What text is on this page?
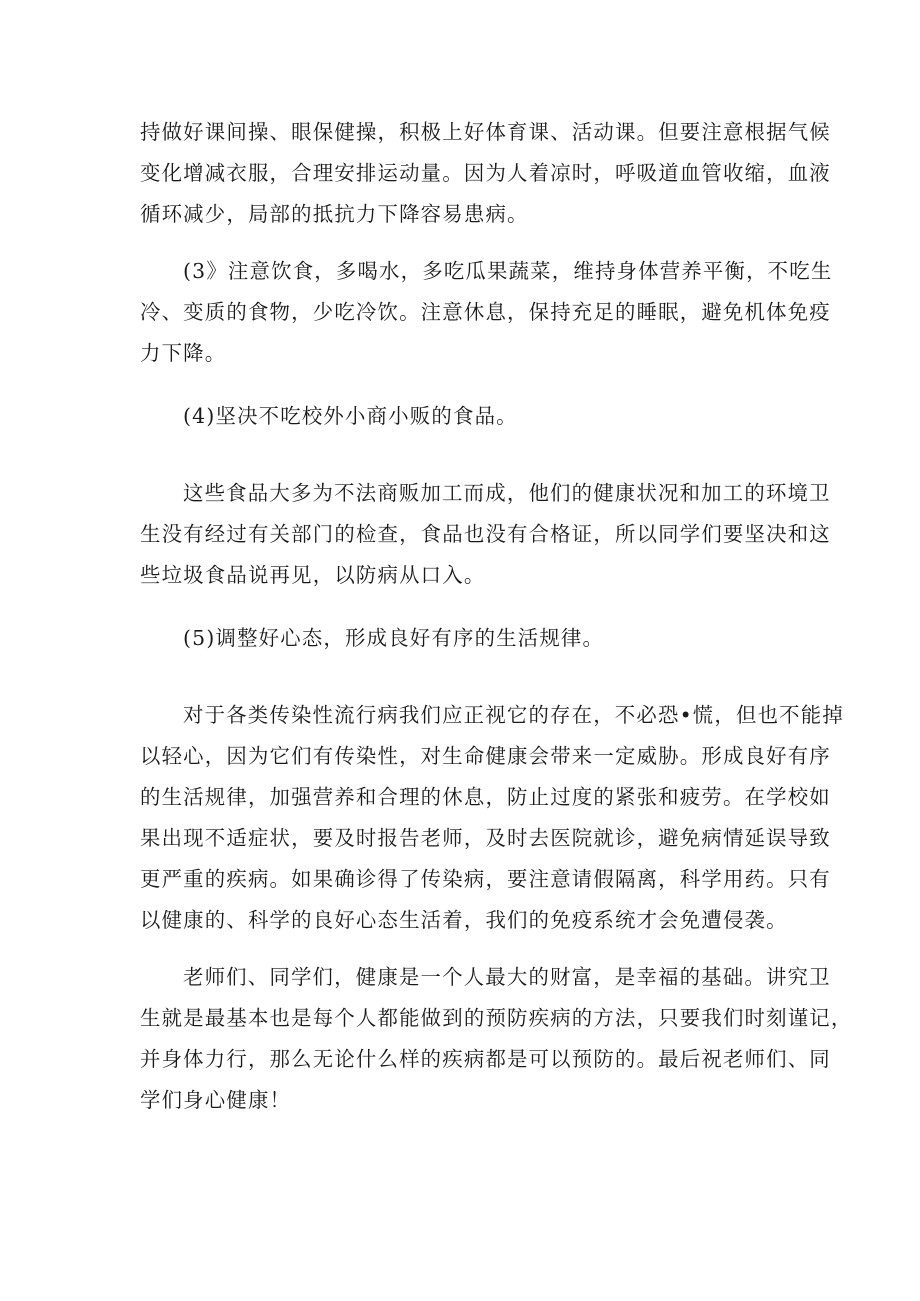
持做好课间操、眼保健操，积极上好体育课、活动课。但要注意根据气候
变化增减衣服，合理安排运动量。因为人着凉时，呼吸道血管收缩，血液
循环减少，局部的抵抗力下降容易患病。
(3》注意饮食，多喝水，多吃瓜果蔬菜，维持身体营养平衡，不吃生
冷、变质的食物，少吃冷饮。注意休息，保持充足的睡眠，避免机体免疫
力下降。
(4)坚决不吃校外小商小贩的食品。
这些食品大多为不法商贩加工而成，他们的健康状况和加工的环境卫
生没有经过有关部门的检查，食品也没有合格证，所以同学们要坚决和这
些垃圾食品说再见，以防病从口入。
(5)调整好心态，形成良好有序的生活规律。
对于各类传染性流行病我们应正视它的存在，不必恐•慌，但也不能掉
以轻心，因为它们有传染性，对生命健康会带来一定威胁。形成良好有序
的生活规律，加强营养和合理的休息，防止过度的紧张和疲劳。在学校如
果出现不适症状，要及时报告老师，及时去医院就诊，避免病情延误导致
更严重的疾病。如果确诊得了传染病，要注意请假隔离，科学用药。只有
以健康的、科学的良好心态生活着，我们的免疫系统才会免遭侵袭。
老师们、同学们，健康是一个人最大的财富，是幸福的基础。讲究卫
生就是最基本也是每个人都能做到的预防疾病的方法，只要我们时刻谨记，
并身体力行，那么无论什么样的疾病都是可以预防的。最后祝老师们、同
学们身心健康！
